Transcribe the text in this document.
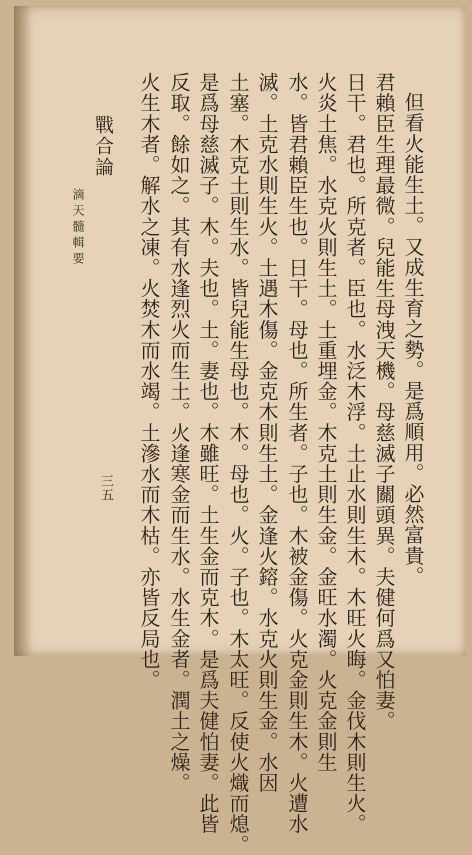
但看火能生土。又成生育之勢。是爲順用。必然富貴。
君賴臣生理最微。兒能生母洩天機。母慈滅子關頭異。夫健何爲又怕妻。
日干。君也。所克者。臣也。水泛木浮。土止水則生木。木旺火晦。金伐木則生火。
火炎土焦。水克火則生土。土重埋金。木克土則生金。金旺水濁。火克金則生
水。皆君賴臣生也。日干。母也。所生者。子也。木被金傷。火克金則生木。火遭水
滅。土克水則生火。土遇木傷。金克木則生土。金逢火鎔。水克火則生金。水因
土塞。木克土則生水。皆兒能生母也。木。母也。火。子也。木太旺。反使火熾而熄。
是爲母慈滅子。木。夫也。土。妻也。木雖旺。土生金而克木。是爲夫健怕妻。此皆
反取。餘如之。其有水逢烈火而生土。火逢寒金而生水。水生金者。潤土之燥。
火生木者。解水之凍。火焚木而水竭。土滲水而木枯。亦皆反局也。
戰合論
滴天髓輯要
三五
